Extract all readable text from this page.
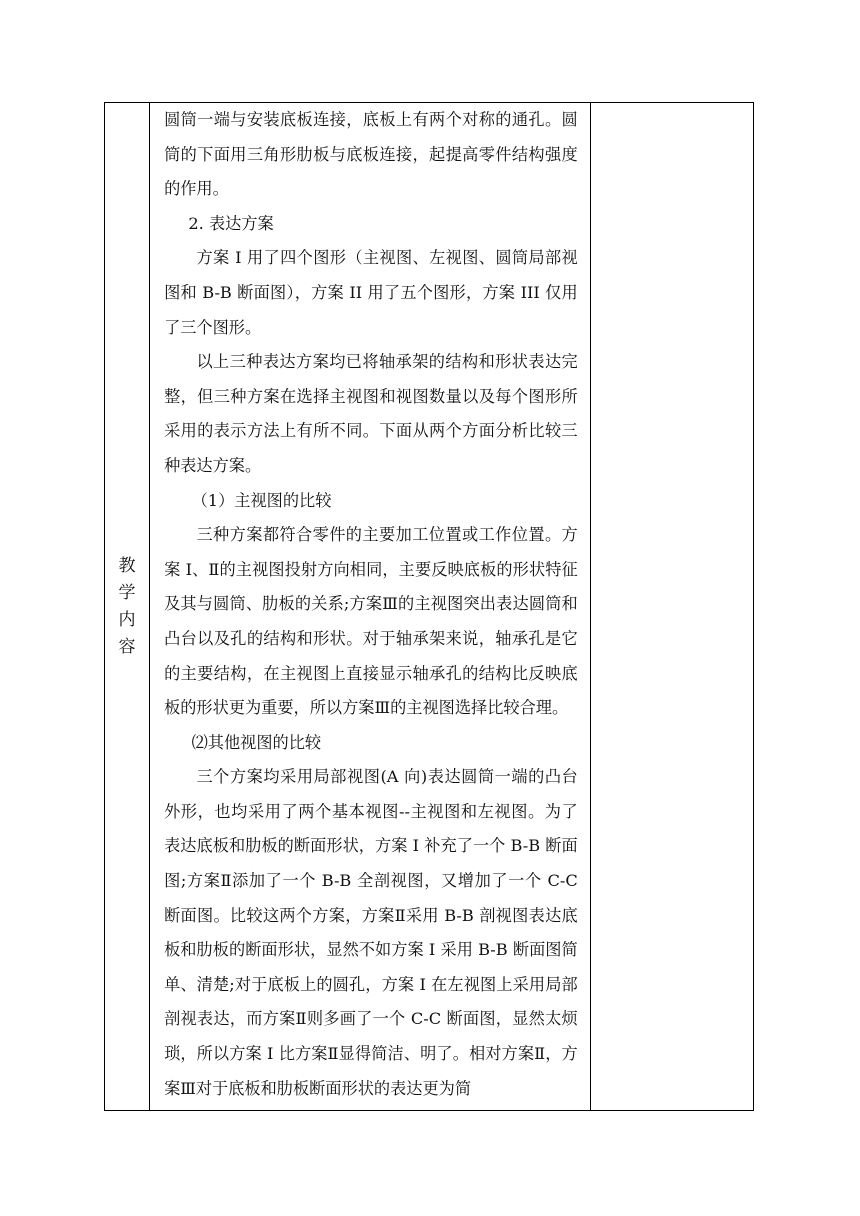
教学内容	

圆筒一端与安装底板连接，底板上有两个对称的通孔。圆筒的下面用三角形肋板与底板连接，起提高零件结构强度的作用。

2. 表达方案

方案 I 用了四个图形（主视图、左视图、圆筒局部视图和 B-B 断面图），方案 II 用了五个图形，方案 III 仅用了三个图形。

以上三种表达方案均已将轴承架的结构和形状表达完整，但三种方案在选择主视图和视图数量以及每个图形所采用的表示方法上有所不同。下面从两个方面分析比较三种表达方案。

（1）主视图的比较

三种方案都符合零件的主要加工位置或工作位置。方案 I、Ⅱ的主视图投射方向相同，主要反映底板的形状特征及其与圆筒、肋板的关系;方案Ⅲ的主视图突出表达圆筒和凸台以及孔的结构和形状。对于轴承架来说，轴承孔是它的主要结构，在主视图上直接显示轴承孔的结构比反映底板的形状更为重要，所以方案Ⅲ的主视图选择比较合理。

⑵其他视图的比较

三个方案均采用局部视图(A 向)表达圆筒一端的凸台外形，也均采用了两个基本视图--主视图和左视图。为了表达底板和肋板的断面形状，方案 I 补充了一个 B-B 断面图;方案Ⅱ添加了一个 B-B 全剖视图，又增加了一个 C-C 断面图。比较这两个方案，方案Ⅱ采用 B-B 剖视图表达底板和肋板的断面形状，显然不如方案 I 采用 B-B 断面图简单、清楚;对于底板上的圆孔，方案 I 在左视图上采用局部剖视表达，而方案Ⅱ则多画了一个 C-C 断面图，显然太烦琐，所以方案 I 比方案Ⅱ显得简洁、明了。相对方案Ⅱ，方案Ⅲ对于底板和肋板断面形状的表达更为简
